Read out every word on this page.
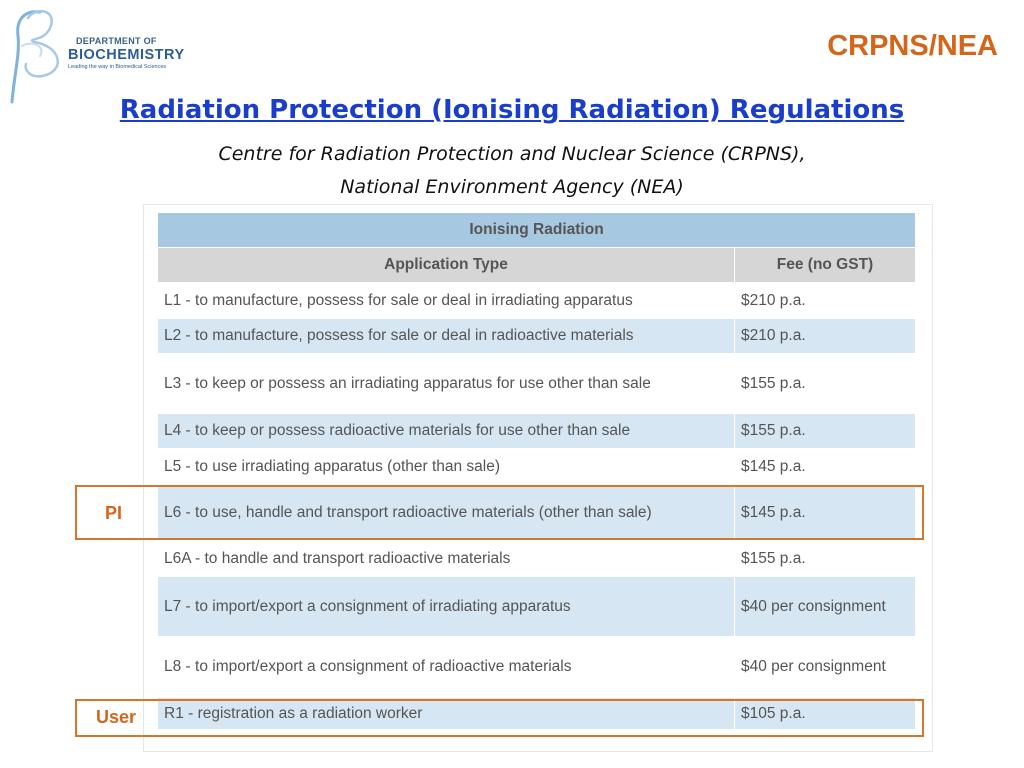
DEPARTMENT OF
BIOCHEMISTRY
Leading the way in Biomedical Sciences
CRPNS/NEA
Radiation Protection (Ionising Radiation) Regulations
Centre for Radiation Protection and Nuclear Science (CRPNS),
National Environment Agency (NEA)
Ionising Radiation	
Application Type	Fee (no GST)
L1 - to manufacture, possess for sale or deal in irradiating apparatus	$210 p.a.
L2 - to manufacture, possess for sale or deal in radioactive materials	$210 p.a.
L3 - to keep or possess an irradiating apparatus for use other than sale	$155 p.a.
L4 - to keep or possess radioactive materials for use other than sale	$155 p.a.
L5 - to use irradiating apparatus (other than sale)	$145 p.a.
L6 - to use, handle and transport radioactive materials (other than sale)	$145 p.a.
L6A - to handle and transport radioactive materials	$155 p.a.
L7 - to import/export a consignment of irradiating apparatus	$40 per consignment
L8 - to import/export a consignment of radioactive materials	$40 per consignment
R1 - registration as a radiation worker	$105 p.a.
PI
User
